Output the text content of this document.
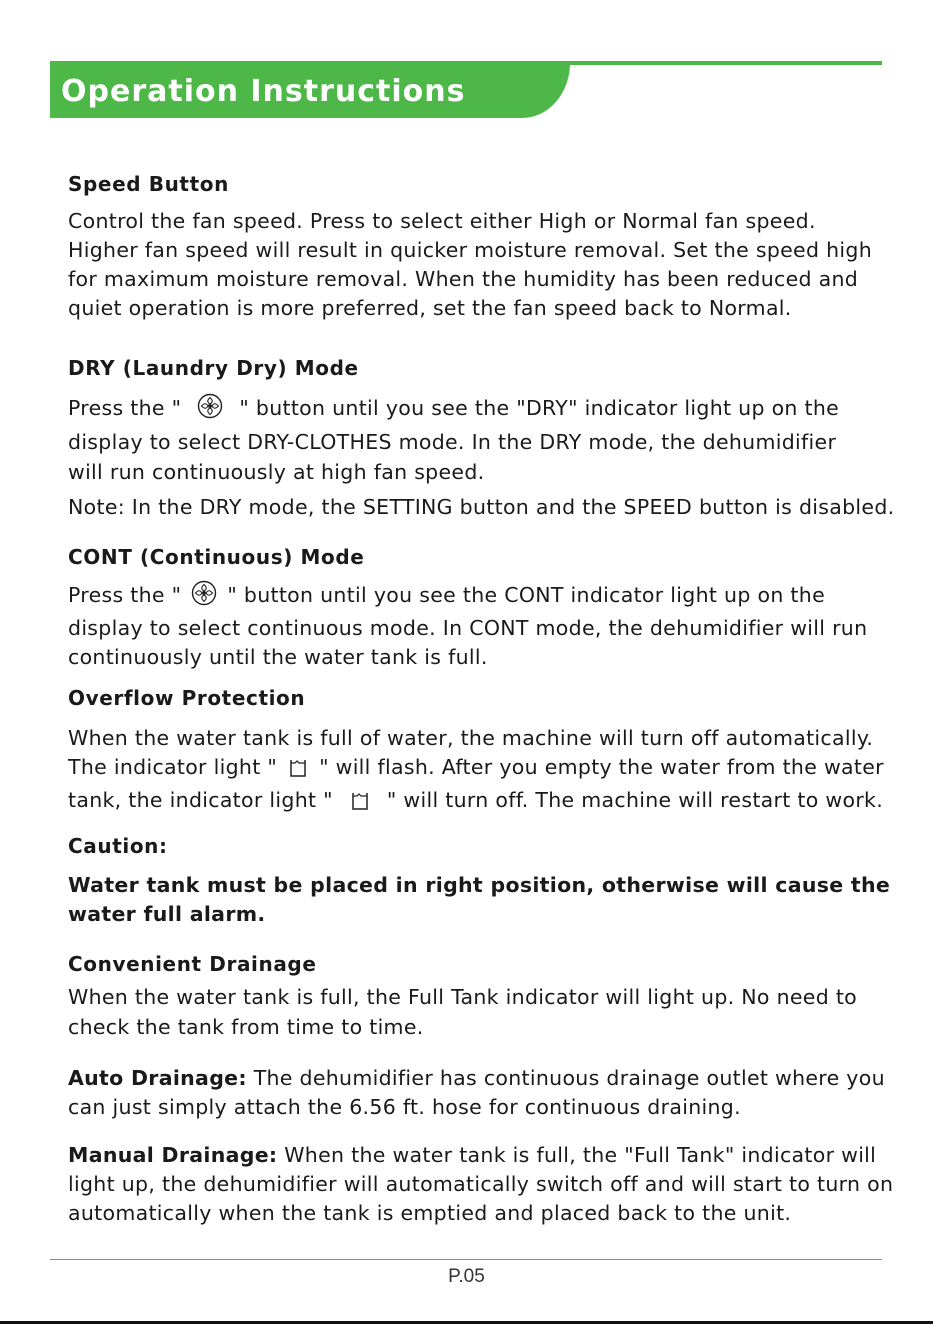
Operation Instructions
Speed Button

Control the fan speed. Press to select either High or Normal fan speed.

Higher fan speed will result in quicker moisture removal. Set the speed high

for maximum moisture removal. When the humidity has been reduced and

quiet operation is more preferred, set the fan speed back to Normal.

DRY (Laundry Dry) Mode

Press the "	" button until you see the "DRY" indicator light up on the

display to select DRY-CLOTHES mode. In the DRY mode, the dehumidifier

will run continuously at high fan speed.

Note: In the DRY mode, the SETTING button and the SPEED button is disabled.

CONT (Continuous) Mode

Press the " " button until you see the CONT indicator light up on the

display to select continuous mode. In CONT mode, the dehumidifier will run

continuously until the water tank is full.

Overflow Protection

When the water tank is full of water, the machine will turn off automatically.

The indicator light " " will flash. After you empty the water from the water

tank, the indicator light "	" will turn off. The machine will restart to work.

Caution:

Water tank must be placed in right position, otherwise will cause the

water full alarm.

Convenient Drainage

When the water tank is full, the Full Tank indicator will light up. No need to

check the tank from time to time.

Auto Drainage: The dehumidifier has continuous drainage outlet where you

can just simply attach the 6.56 ft. hose for continuous draining.

Manual Drainage: When the water tank is full, the "Full Tank" indicator will

light up, the dehumidifier will automatically switch off and will start to turn on

automatically when the tank is emptied and placed back to the unit.

P.05
